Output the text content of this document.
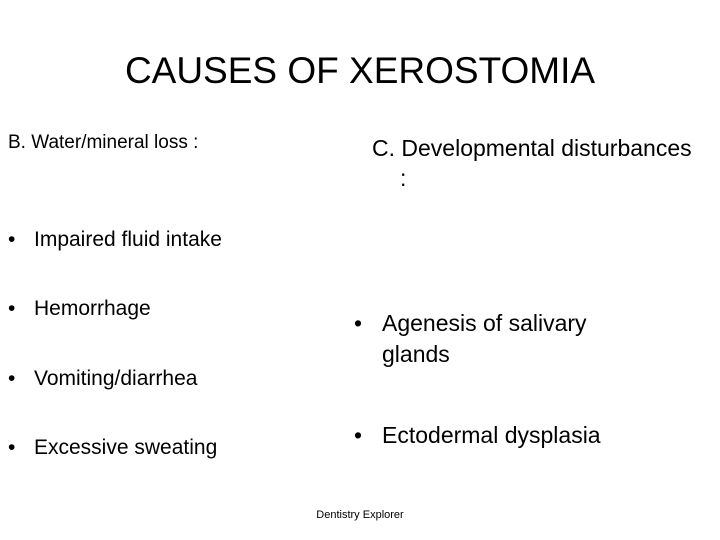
CAUSES OF XEROSTOMIA
B. Water/mineral loss :
• Impaired fluid intake
• Hemorrhage
• Vomiting/diarrhea
• Excessive sweating
C. Developmental disturbances :
• Agenesis of salivary glands
• Ectodermal dysplasia
Dentistry Explorer
